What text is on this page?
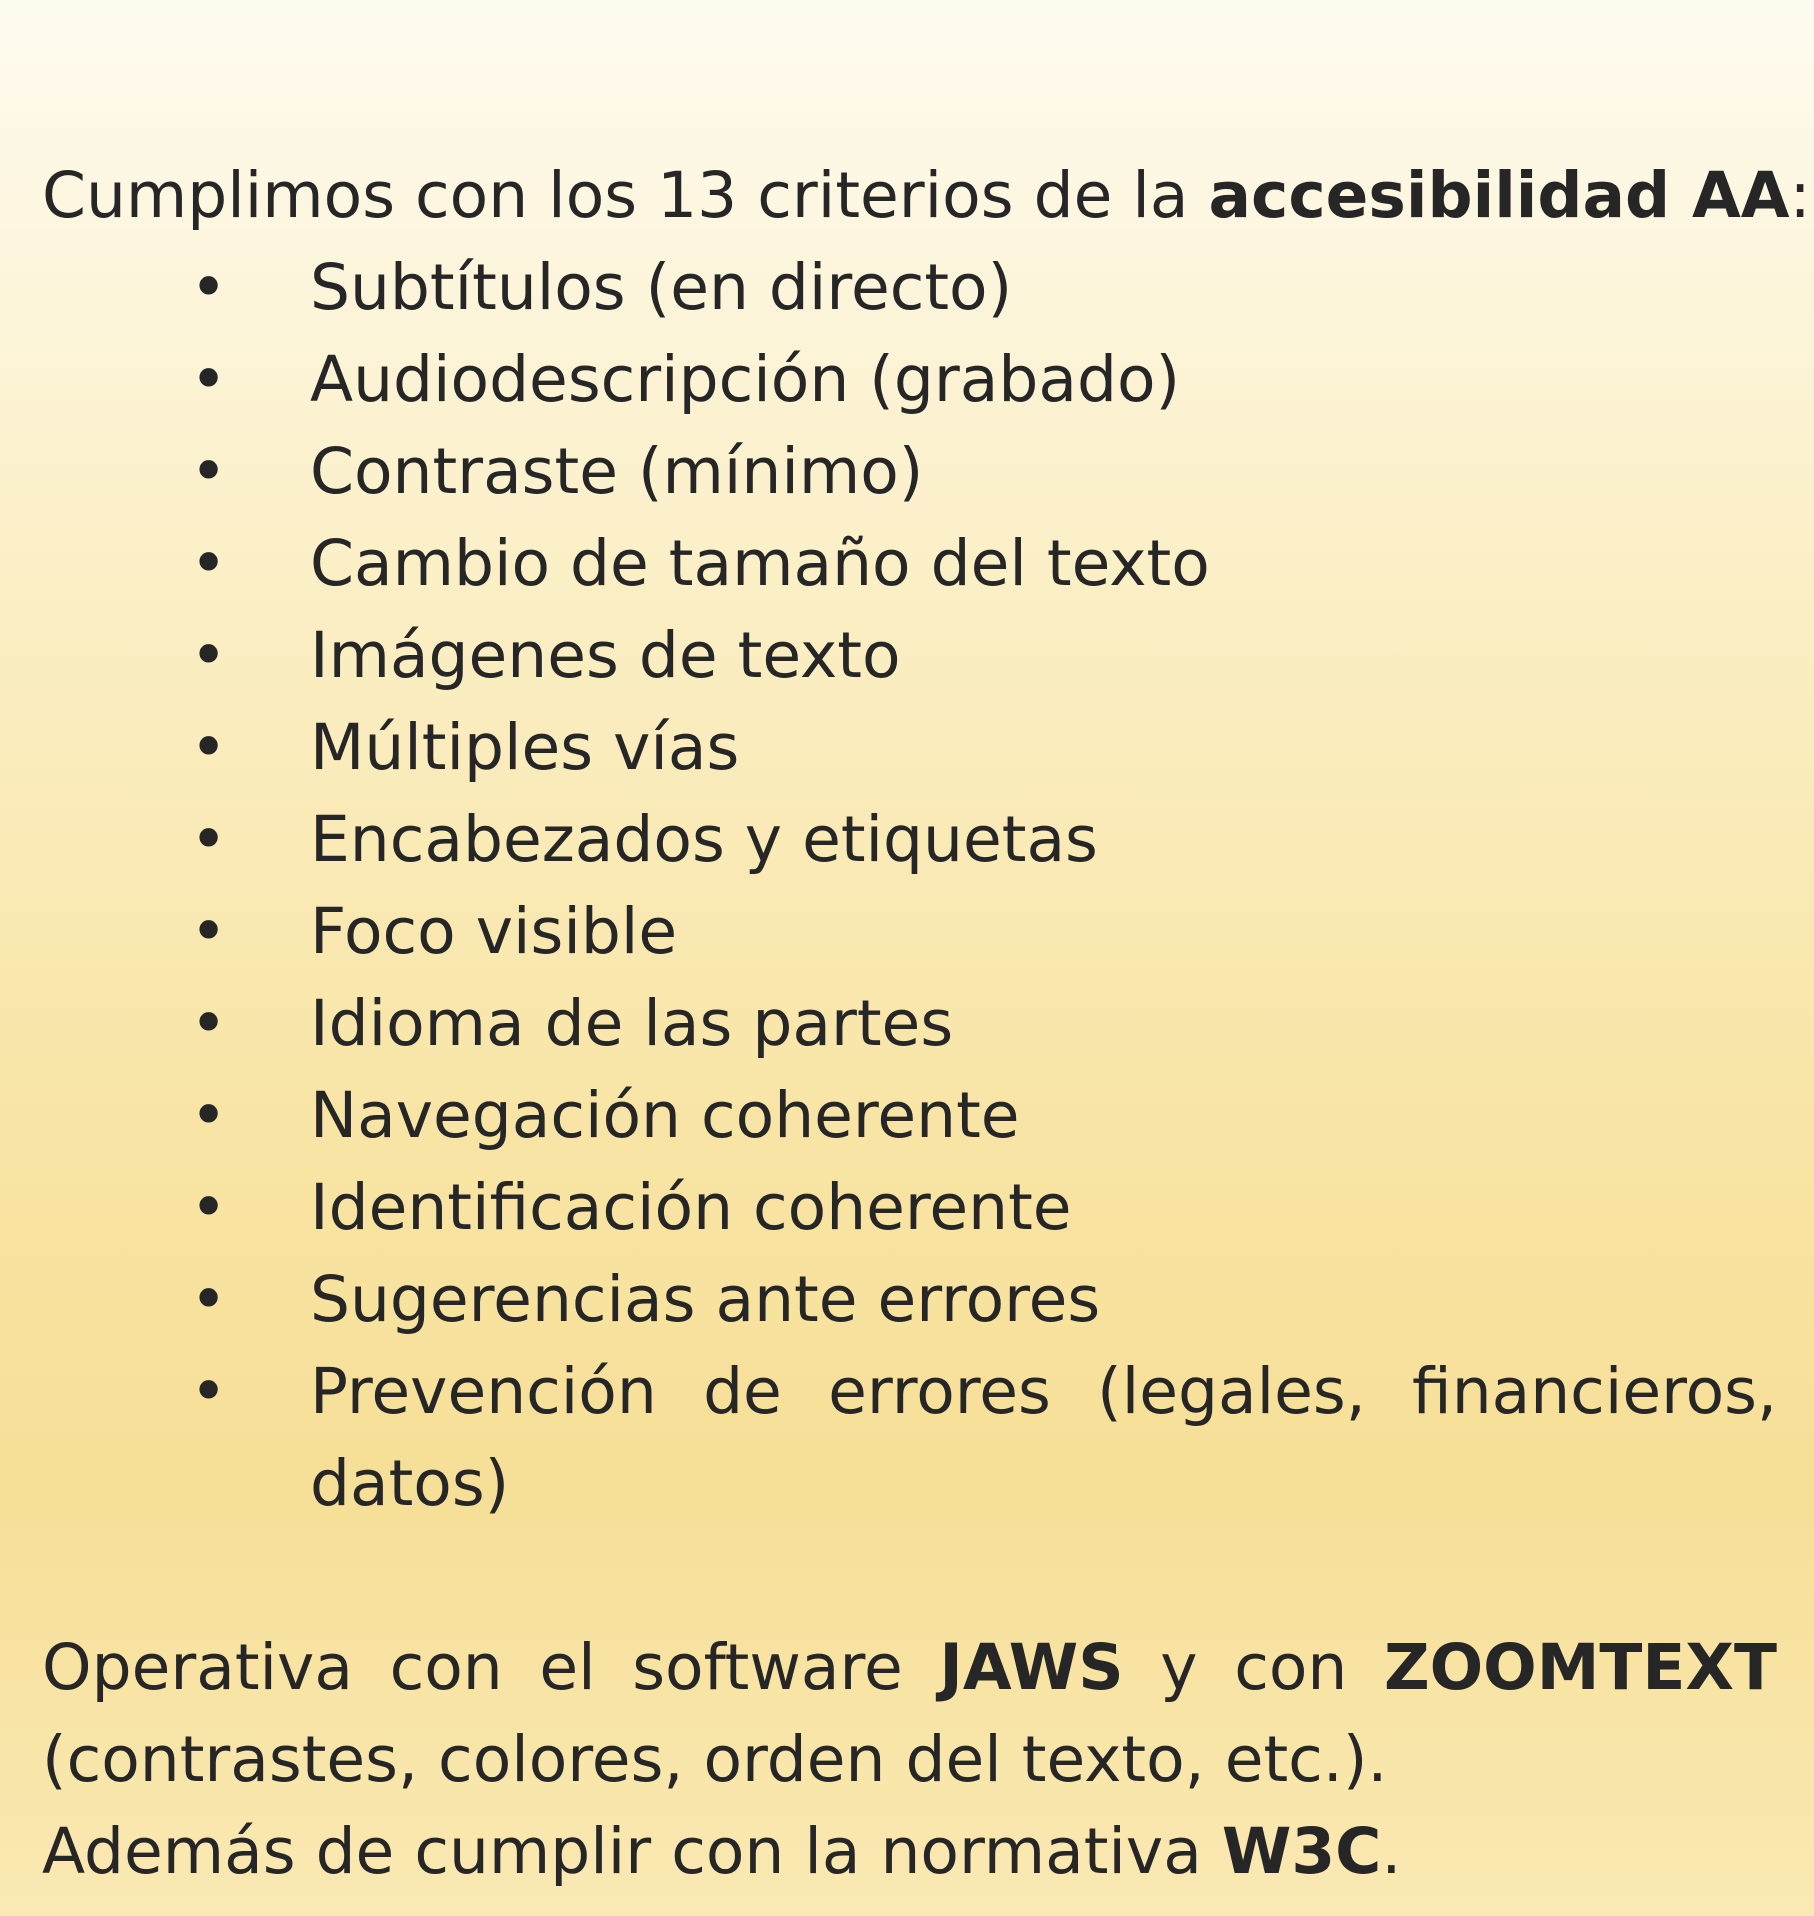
Cumplimos con los 13 criterios de la accesibilidad AA:

• Subtítulos (en directo)
• Audiodescripción (grabado)
• Contraste (mínimo)
• Cambio de tamaño del texto
• Imágenes de texto
• Múltiples vías
• Encabezados y etiquetas
• Foco visible
• Idioma de las partes
• Navegación coherente
• Identificación coherente
• Sugerencias ante errores
• Prevención de errores (legales, financieros,
datos)

Operativa con el software JAWS y con ZOOMTEXT

(contrastes, colores, orden del texto, etc.).

Además de cumplir con la normativa W3C.
